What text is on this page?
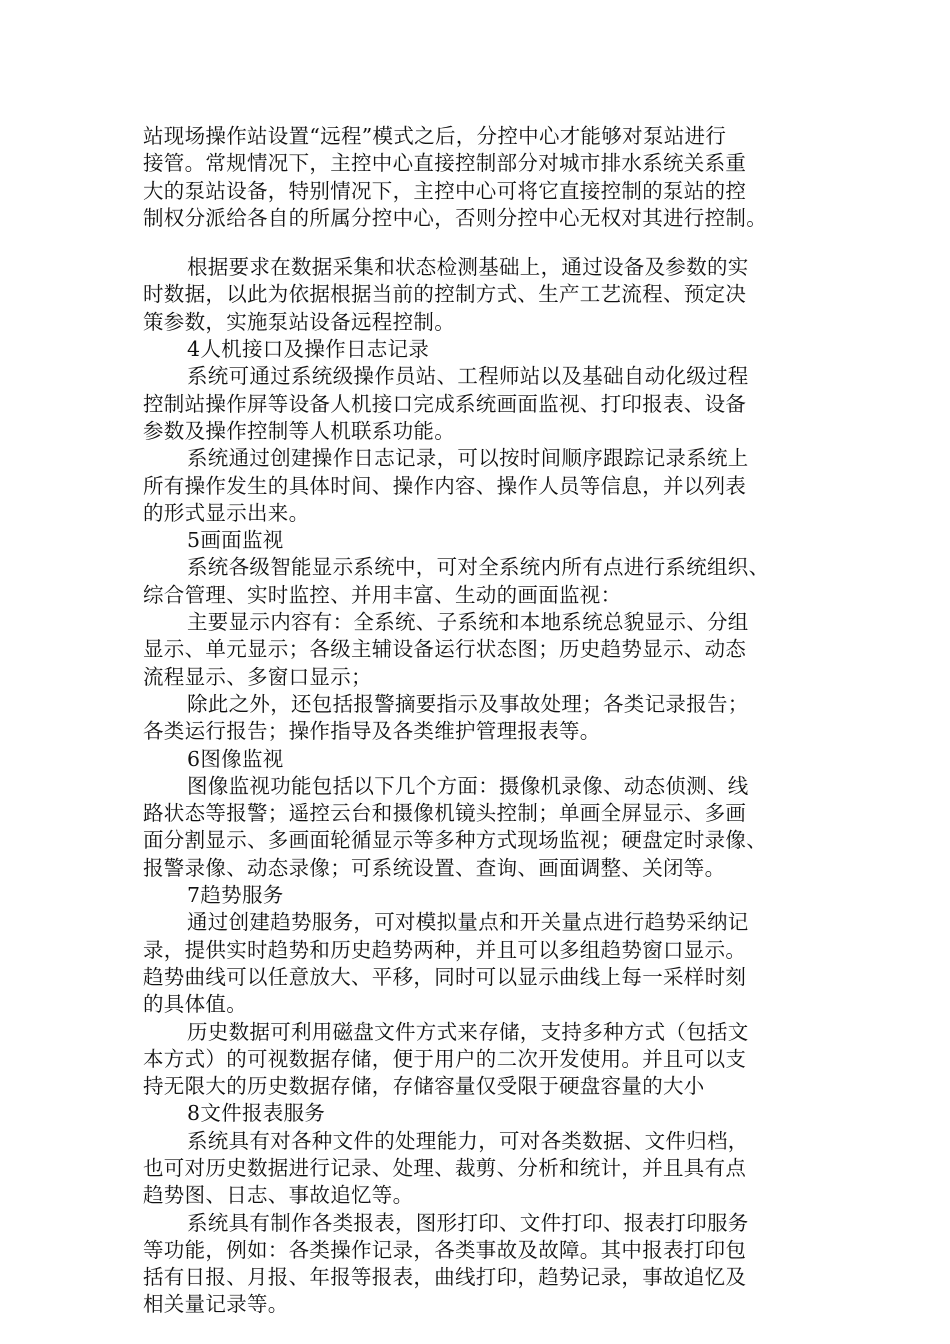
站现场操作站设置“远程”模式之后，分控中心才能够对泵站进行
接管。常规情况下，主控中心直接控制部分对城市排水系统关系重
大的泵站设备，特别情况下，主控中心可将它直接控制的泵站的控
制权分派给各自的所属分控中心，否则分控中心无权对其进行控制。
根据要求在数据采集和状态检测基础上，通过设备及参数的实
时数据，以此为依据根据当前的控制方式、生产工艺流程、预定决
策参数，实施泵站设备远程控制。
4人机接口及操作日志记录
系统可通过系统级操作员站、工程师站以及基础自动化级过程
控制站操作屏等设备人机接口完成系统画面监视、打印报表、设备
参数及操作控制等人机联系功能。
系统通过创建操作日志记录，可以按时间顺序跟踪记录系统上
所有操作发生的具体时间、操作内容、操作人员等信息，并以列表
的形式显示出来。
5画面监视
系统各级智能显示系统中，可对全系统内所有点进行系统组织、
综合管理、实时监控、并用丰富、生动的画面监视：
主要显示内容有：全系统、子系统和本地系统总貌显示、分组
显示、单元显示；各级主辅设备运行状态图；历史趋势显示、动态
流程显示、多窗口显示；
除此之外，还包括报警摘要指示及事故处理；各类记录报告；
各类运行报告；操作指导及各类维护管理报表等。
6图像监视
图像监视功能包括以下几个方面：摄像机录像、动态侦测、线
路状态等报警；遥控云台和摄像机镜头控制；单画全屏显示、多画
面分割显示、多画面轮循显示等多种方式现场监视；硬盘定时录像、
报警录像、动态录像；可系统设置、查询、画面调整、关闭等。
7趋势服务
通过创建趋势服务，可对模拟量点和开关量点进行趋势采纳记
录，提供实时趋势和历史趋势两种，并且可以多组趋势窗口显示。
趋势曲线可以任意放大、平移，同时可以显示曲线上每一采样时刻
的具体值。
历史数据可利用磁盘文件方式来存储，支持多种方式（包括文
本方式）的可视数据存储，便于用户的二次开发使用。并且可以支
持无限大的历史数据存储，存储容量仅受限于硬盘容量的大小
8文件报表服务
系统具有对各种文件的处理能力，可对各类数据、文件归档，
也可对历史数据进行记录、处理、裁剪、分析和统计，并且具有点
趋势图、日志、事故追忆等。
系统具有制作各类报表，图形打印、文件打印、报表打印服务
等功能，例如：各类操作记录，各类事故及故障。其中报表打印包
括有日报、月报、年报等报表，曲线打印，趋势记录，事故追忆及
相关量记录等。
